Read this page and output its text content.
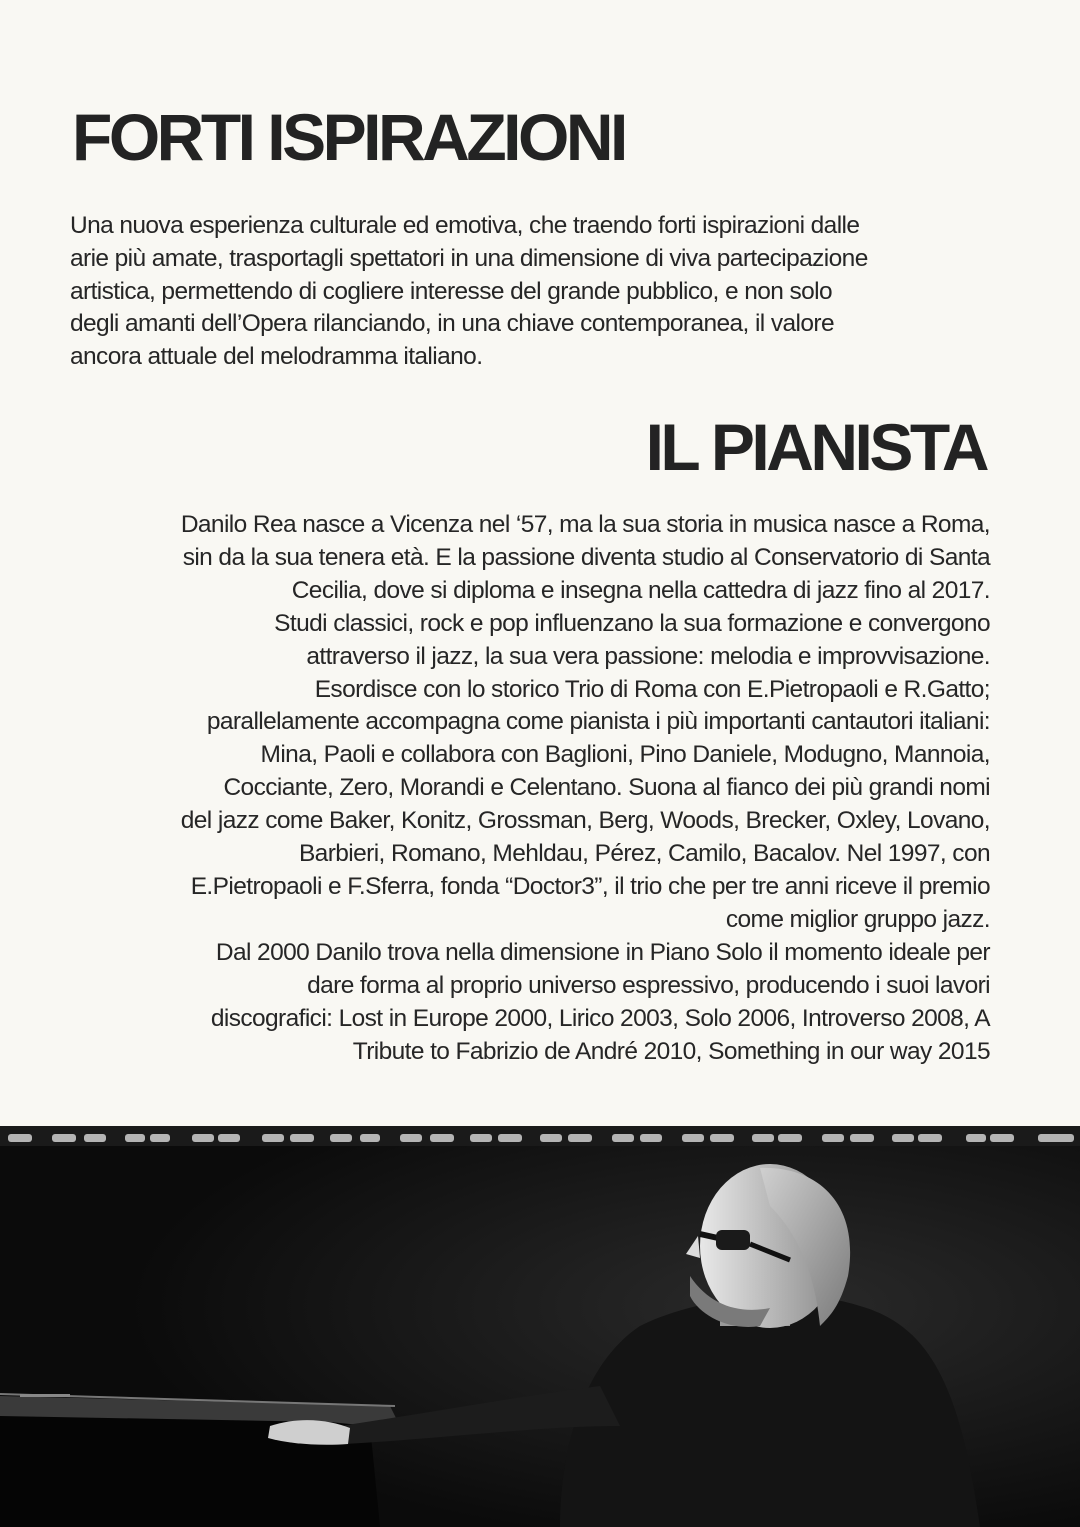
FORTI ISPIRAZIONI
Una nuova esperienza culturale ed emotiva, che traendo forti ispirazioni dalle
arie più amate, trasportagli spettatori in una dimensione di viva partecipazione
artistica, permettendo di cogliere interesse del grande pubblico, e non solo
degli amanti dell’Opera rilanciando, in una chiave contemporanea, il valore
ancora attuale del melodramma italiano.
IL PIANISTA
Danilo Rea nasce a Vicenza nel ‘57, ma la sua storia in musica nasce a Roma,
sin da la sua tenera età. E la passione diventa studio al Conservatorio di Santa
Cecilia, dove si diploma e insegna nella cattedra di jazz fino al 2017.
Studi classici, rock e pop influenzano la sua formazione e convergono
attraverso il jazz, la sua vera passione: melodia e improvvisazione.
Esordisce con lo storico Trio di Roma con E.Pietropaoli e R.Gatto;
parallelamente accompagna come pianista i più importanti cantautori italiani:
Mina, Paoli e collabora con Baglioni, Pino Daniele, Modugno, Mannoia,
Cocciante, Zero, Morandi e Celentano. Suona al fianco dei più grandi nomi
del jazz come Baker, Konitz, Grossman, Berg, Woods, Brecker, Oxley, Lovano,
Barbieri, Romano, Mehldau, Pérez, Camilo, Bacalov. Nel 1997, con
E.Pietropaoli e F.Sferra, fonda “Doctor3”, il trio che per tre anni riceve il premio
come miglior gruppo jazz.
Dal 2000 Danilo trova nella dimensione in Piano Solo il momento ideale per
dare forma al proprio universo espressivo, producendo i suoi lavori
discografici: Lost in Europe 2000, Lirico 2003, Solo 2006, Introverso 2008, A
Tribute to Fabrizio de André 2010, Something in our way 2015
